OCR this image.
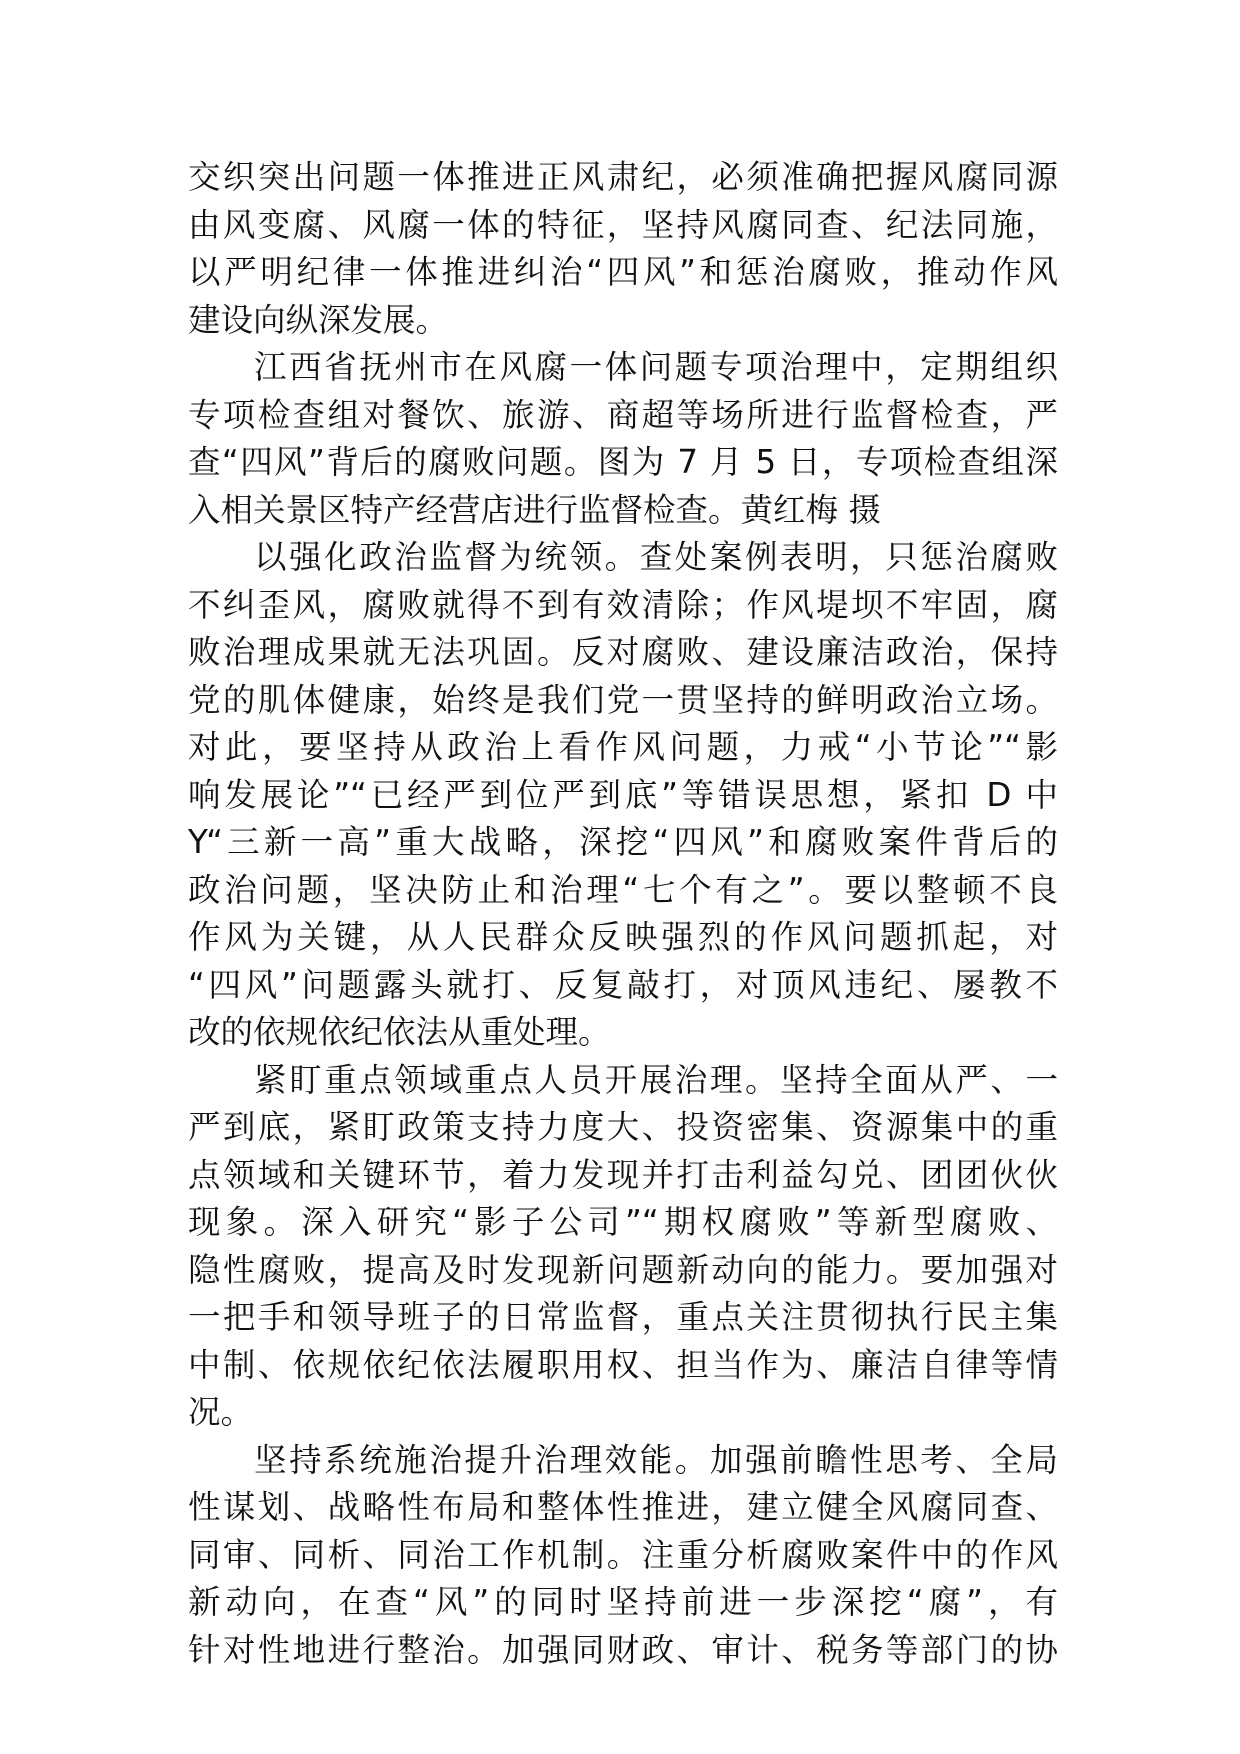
交织突出问题一体推进正风肃纪，必须准确把握风腐同源
由风变腐、风腐一体的特征，坚持风腐同查、纪法同施，
以严明纪律一体推进纠治“四风”和惩治腐败，推动作风
建设向纵深发展。
江西省抚州市在风腐一体问题专项治理中，定期组织
专项检查组对餐饮、旅游、商超等场所进行监督检查，严
查“四风”背后的腐败问题。图为 7 月 5 日，专项检查组深
入相关景区特产经营店进行监督检查。黄红梅 摄
以强化政治监督为统领。查处案例表明，只惩治腐败
不纠歪风，腐败就得不到有效清除；作风堤坝不牢固，腐
败治理成果就无法巩固。反对腐败、建设廉洁政治，保持
党的肌体健康，始终是我们党一贯坚持的鲜明政治立场。
对此，要坚持从政治上看作风问题，力戒“小节论”“影
响发展论”“已经严到位严到底”等错误思想，紧扣 D 中
Y“三新一高”重大战略，深挖“四风”和腐败案件背后的
政治问题，坚决防止和治理“七个有之”。要以整顿不良
作风为关键，从人民群众反映强烈的作风问题抓起，对
“四风”问题露头就打、反复敲打，对顶风违纪、屡教不
改的依规依纪依法从重处理。
紧盯重点领域重点人员开展治理。坚持全面从严、一
严到底，紧盯政策支持力度大、投资密集、资源集中的重
点领域和关键环节，着力发现并打击利益勾兑、团团伙伙
现象。深入研究“影子公司”“期权腐败”等新型腐败、
隐性腐败，提高及时发现新问题新动向的能力。要加强对
一把手和领导班子的日常监督，重点关注贯彻执行民主集
中制、依规依纪依法履职用权、担当作为、廉洁自律等情
况。
坚持系统施治提升治理效能。加强前瞻性思考、全局
性谋划、战略性布局和整体性推进，建立健全风腐同查、
同审、同析、同治工作机制。注重分析腐败案件中的作风
新动向，在查“风”的同时坚持前进一步深挖“腐”，有
针对性地进行整治。加强同财政、审计、税务等部门的协
